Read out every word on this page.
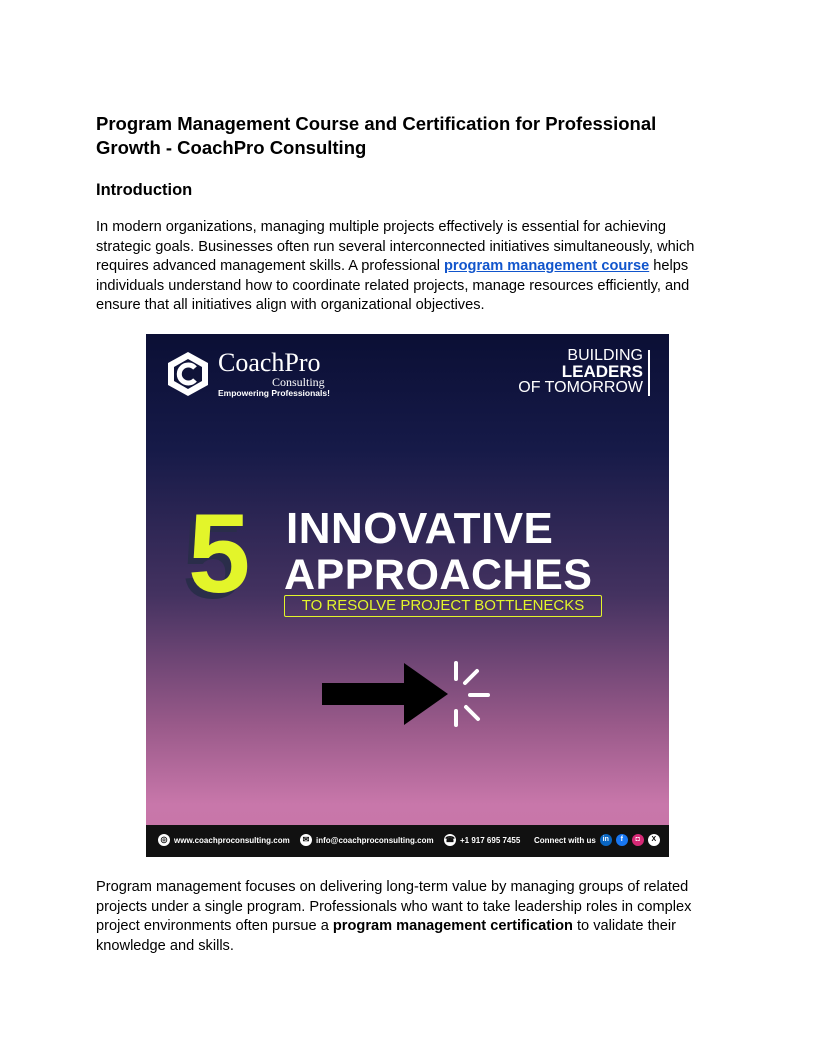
Program Management Course and Certification for Professional Growth - CoachPro Consulting
Introduction

In modern organizations, managing multiple projects effectively is essential for achieving strategic goals. Businesses often run several interconnected initiatives simultaneously, which requires advanced management skills. A professional program management course helps individuals understand how to coordinate related projects, manage resources efficiently, and ensure that all initiatives align with organizational objectives.

CoachPro
Consulting
Empowering Professionals!
BUILDING
LEADERS
OF TOMORROW
5 INNOVATIVE
APPROACHES
TO RESOLVE PROJECT BOTTLENECKS
◎ www.coachproconsulting.com	✉ info@coachproconsulting.com ☎ +1 917 695 7455 Connect with us in	f	◘	X

Program management focuses on delivering long-term value by managing groups of related projects under a single program. Professionals who want to take leadership roles in complex project environments often pursue a program management certification to validate their knowledge and skills.
